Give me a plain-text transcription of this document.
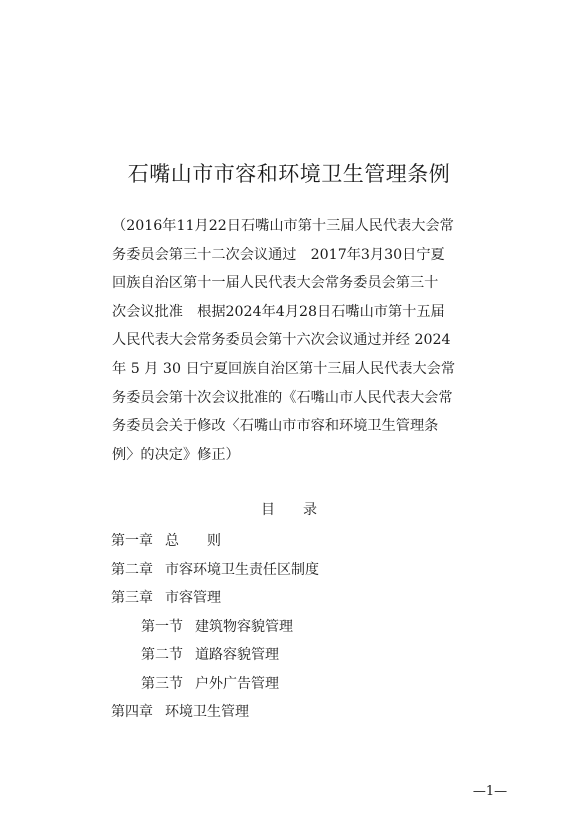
石嘴山市市容和环境卫生管理条例
（2016年11月22日石嘴山市第十三届人民代表大会常
务委员会第三十二次会议通过　2017年3月30日宁夏
回族自治区第十一届人民代表大会常务委员会第三十
次会议批准　根据2024年4月28日石嘴山市第十五届
人民代表大会常务委员会第十六次会议通过并经 2024
年 5 月 30 日宁夏回族自治区第十三届人民代表大会常
务委员会第十次会议批准的《石嘴山市人民代表大会常
务委员会关于修改〈石嘴山市市容和环境卫生管理条
例〉的决定》修正）
目 录
第一章 总　　则
第二章 市容环境卫生责任区制度
第三章 市容管理
第一节 建筑物容貌管理
第二节 道路容貌管理
第三节 户外广告管理
第四章 环境卫生管理
—1—
